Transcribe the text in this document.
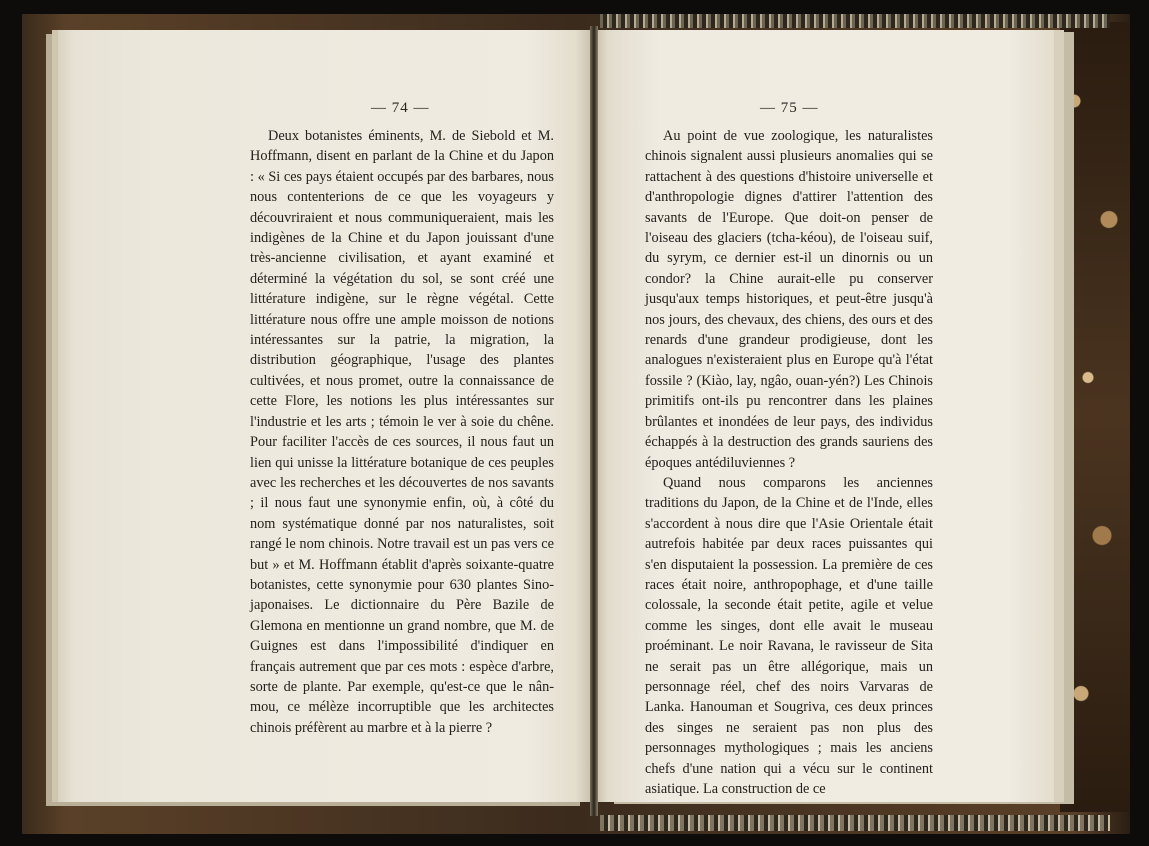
— 74 —

Deux botanistes éminents, M. de Siebold et M. Hoffmann, disent en parlant de la Chine et du Japon : « Si ces pays étaient occupés par des barbares, nous nous contenterions de ce que les voyageurs y découvriraient et nous communiqueraient, mais les indigènes de la Chine et du Japon jouissant d'une très-ancienne civilisation, et ayant examiné et déterminé la végétation du sol, se sont créé une littérature indigène, sur le règne végétal. Cette littérature nous offre une ample moisson de notions intéressantes sur la patrie, la migration, la distribution géographique, l'usage des plantes cultivées, et nous promet, outre la connaissance de cette Flore, les notions les plus intéressantes sur l'industrie et les arts ; témoin le ver à soie du chêne. Pour faciliter l'accès de ces sources, il nous faut un lien qui unisse la littérature botanique de ces peuples avec les recherches et les découvertes de nos savants ; il nous faut une synonymie enfin, où, à côté du nom systématique donné par nos naturalistes, soit rangé le nom chinois. Notre travail est un pas vers ce but » et M. Hoffmann établit d'après soixante-quatre botanistes, cette synonymie pour 630 plantes Sino-japonaises. Le dictionnaire du Père Bazile de Glemona en mentionne un grand nombre, que M. de Guignes est dans l'impossibilité d'indiquer en français autrement que par ces mots : espèce d'arbre, sorte de plante. Par exemple, qu'est-ce que le nân-mou, ce mélèze incorruptible que les architectes chinois préfèrent au marbre et à la pierre ?

— 75 —

Au point de vue zoologique, les naturalistes chinois signalent aussi plusieurs anomalies qui se rattachent à des questions d'histoire universelle et d'anthropologie dignes d'attirer l'attention des savants de l'Europe. Que doit-on penser de l'oiseau des glaciers (tcha-kéou), de l'oiseau suif, du syrym, ce dernier est-il un dinornis ou un condor? la Chine aurait-elle pu conserver jusqu'aux temps historiques, et peut-être jusqu'à nos jours, des chevaux, des chiens, des ours et des renards d'une grandeur prodigieuse, dont les analogues n'existeraient plus en Europe qu'à l'état fossile ? (Kiào, lay, ngâo, ouan-yén?) Les Chinois primitifs ont-ils pu rencontrer dans les plaines brûlantes et inondées de leur pays, des individus échappés à la destruction des grands sauriens des époques antédiluviennes ?

Quand nous comparons les anciennes traditions du Japon, de la Chine et de l'Inde, elles s'accordent à nous dire que l'Asie Orientale était autrefois habitée par deux races puissantes qui s'en disputaient la possession. La première de ces races était noire, anthropophage, et d'une taille colossale, la seconde était petite, agile et velue comme les singes, dont elle avait le museau proéminant. Le noir Ravana, le ravisseur de Sita ne serait pas un être allégorique, mais un personnage réel, chef des noirs Varvaras de Lanka. Hanouman et Sougriva, ces deux princes des singes ne seraient pas non plus des personnages mythologiques ; mais les anciens chefs d'une nation qui a vécu sur le continent asiatique. La construction de ce
